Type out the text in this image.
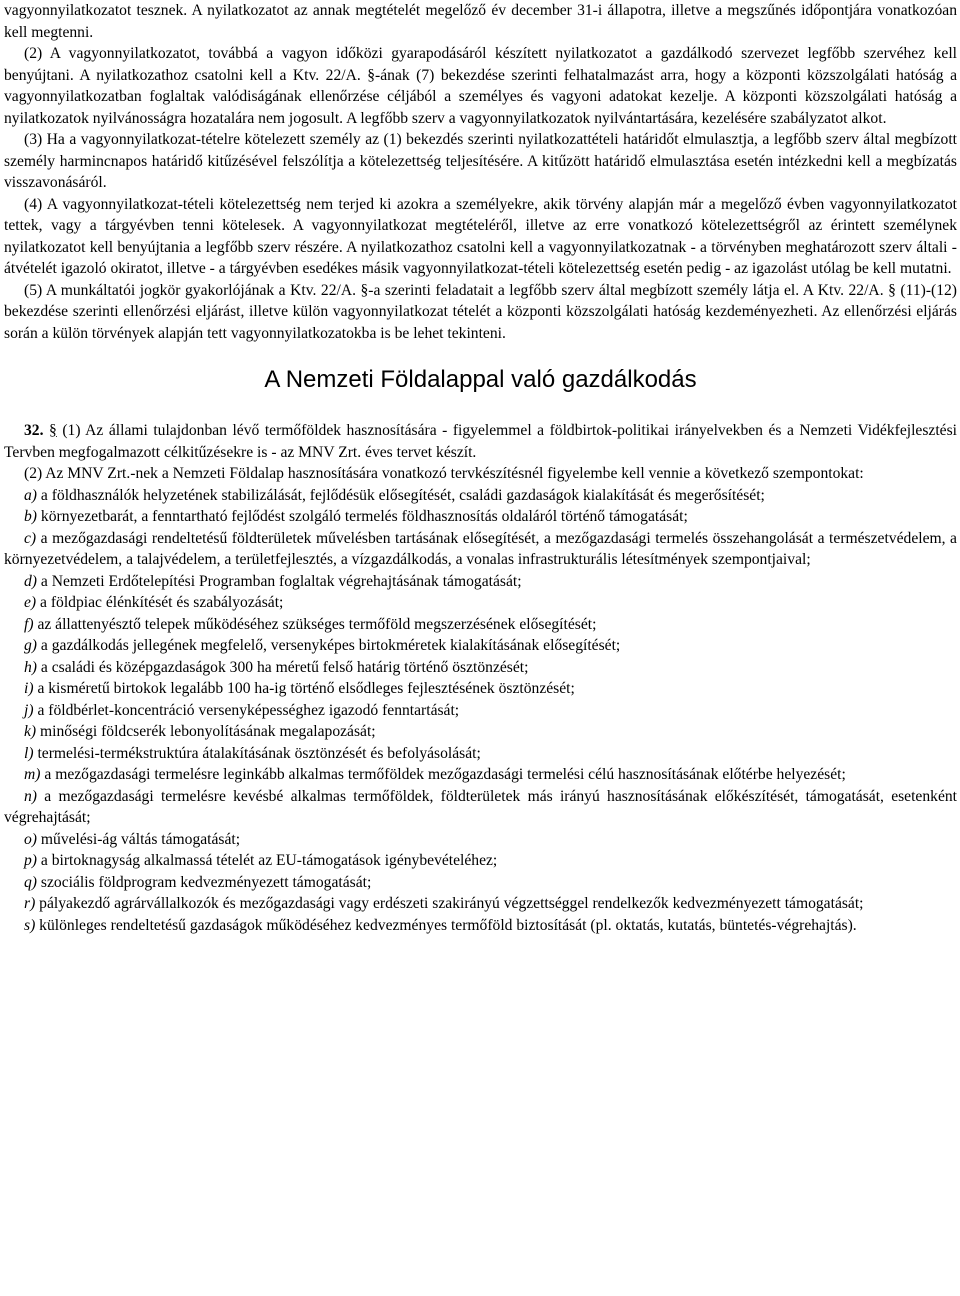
vagyonnyilatkozatot tesznek. A nyilatkozatot az annak megtételét megelőző év december 31-i állapotra, illetve a megszűnés időpontjára vonatkozóan kell megtenni.

(2) A vagyonnyilatkozatot, továbbá a vagyon időközi gyarapodásáról készített nyilatkozatot a gazdálkodó szervezet legfőbb szervéhez kell benyújtani. A nyilatkozathoz csatolni kell a Ktv. 22/A. §-ának (7) bekezdése szerinti felhatalmazást arra, hogy a központi közszolgálati hatóság a vagyonnyilatkozatban foglaltak valódiságának ellenőrzése céljából a személyes és vagyoni adatokat kezelje. A központi közszolgálati hatóság a nyilatkozatok nyilvánosságra hozatalára nem jogosult. A legfőbb szerv a vagyonnyilatkozatok nyilvántartására, kezelésére szabályzatot alkot.

(3) Ha a vagyonnyilatkozat-tételre kötelezett személy az (1) bekezdés szerinti nyilatkozattételi határidőt elmulasztja, a legfőbb szerv által megbízott személy harmincnapos határidő kitűzésével felszólítja a kötelezettség teljesítésére. A kitűzött határidő elmulasztása esetén intézkedni kell a megbízatás visszavonásáról.

(4) A vagyonnyilatkozat-tételi kötelezettség nem terjed ki azokra a személyekre, akik törvény alapján már a megelőző évben vagyonnyilatkozatot tettek, vagy a tárgyévben tenni kötelesek. A vagyonnyilatkozat megtételéről, illetve az erre vonatkozó kötelezettségről az érintett személynek nyilatkozatot kell benyújtania a legfőbb szerv részére. A nyilatkozathoz csatolni kell a vagyonnyilatkozatnak - a törvényben meghatározott szerv általi - átvételét igazoló okiratot, illetve - a tárgyévben esedékes másik vagyonnyilatkozat-tételi kötelezettség esetén pedig - az igazolást utólag be kell mutatni.

(5) A munkáltatói jogkör gyakorlójának a Ktv. 22/A. §-a szerinti feladatait a legfőbb szerv által megbízott személy látja el. A Ktv. 22/A. § (11)-(12) bekezdése szerinti ellenőrzési eljárást, illetve külön vagyonnyilatkozat tételét a központi közszolgálati hatóság kezdeményezheti. Az ellenőrzési eljárás során a külön törvények alapján tett vagyonnyilatkozatokba is be lehet tekinteni.

A Nemzeti Földalappal való gazdálkodás

32. § (1) Az állami tulajdonban lévő termőföldek hasznosítására - figyelemmel a földbirtok-politikai irányelvekben és a Nemzeti Vidékfejlesztési Tervben megfogalmazott célkitűzésekre is - az MNV Zrt. éves tervet készít.

(2) Az MNV Zrt.-nek a Nemzeti Földalap hasznosítására vonatkozó tervkészítésnél figyelembe kell vennie a következő szempontokat:

a) a földhasználók helyzetének stabilizálását, fejlődésük elősegítését, családi gazdaságok kialakítását és megerősítését;

b) környezetbarát, a fenntartható fejlődést szolgáló termelés földhasznosítás oldaláról történő támogatását;

c) a mezőgazdasági rendeltetésű földterületek művelésben tartásának elősegítését, a mezőgazdasági termelés összehangolását a természetvédelem, a környezetvédelem, a talajvédelem, a területfejlesztés, a vízgazdálkodás, a vonalas infrastrukturális létesítmények szempontjaival;

d) a Nemzeti Erdőtelepítési Programban foglaltak végrehajtásának támogatását;

e) a földpiac élénkítését és szabályozását;

f) az állattenyésztő telepek működéséhez szükséges termőföld megszerzésének elősegítését;

g) a gazdálkodás jellegének megfelelő, versenyképes birtokméretek kialakításának elősegítését;

h) a családi és középgazdaságok 300 ha méretű felső határig történő ösztönzését;

i) a kisméretű birtokok legalább 100 ha-ig történő elsődleges fejlesztésének ösztönzését;

j) a földbérlet-koncentráció versenyképességhez igazodó fenntartását;

k) minőségi földcserék lebonyolításának megalapozását;

l) termelési-termékstruktúra átalakításának ösztönzését és befolyásolását;

m) a mezőgazdasági termelésre leginkább alkalmas termőföldek mezőgazdasági termelési célú hasznosításának előtérbe helyezését;

n) a mezőgazdasági termelésre kevésbé alkalmas termőföldek, földterületek más irányú hasznosításának előkészítését, támogatását, esetenként végrehajtását;

o) művelési-ág váltás támogatását;

p) a birtoknagyság alkalmassá tételét az EU-támogatások igénybevételéhez;

q) szociális földprogram kedvezményezett támogatását;

r) pályakezdő agrárvállalkozók és mezőgazdasági vagy erdészeti szakirányú végzettséggel rendelkezők kedvezményezett támogatását;

s) különleges rendeltetésű gazdaságok működéséhez kedvezményes termőföld biztosítását (pl. oktatás, kutatás, büntetés-végrehajtás).
